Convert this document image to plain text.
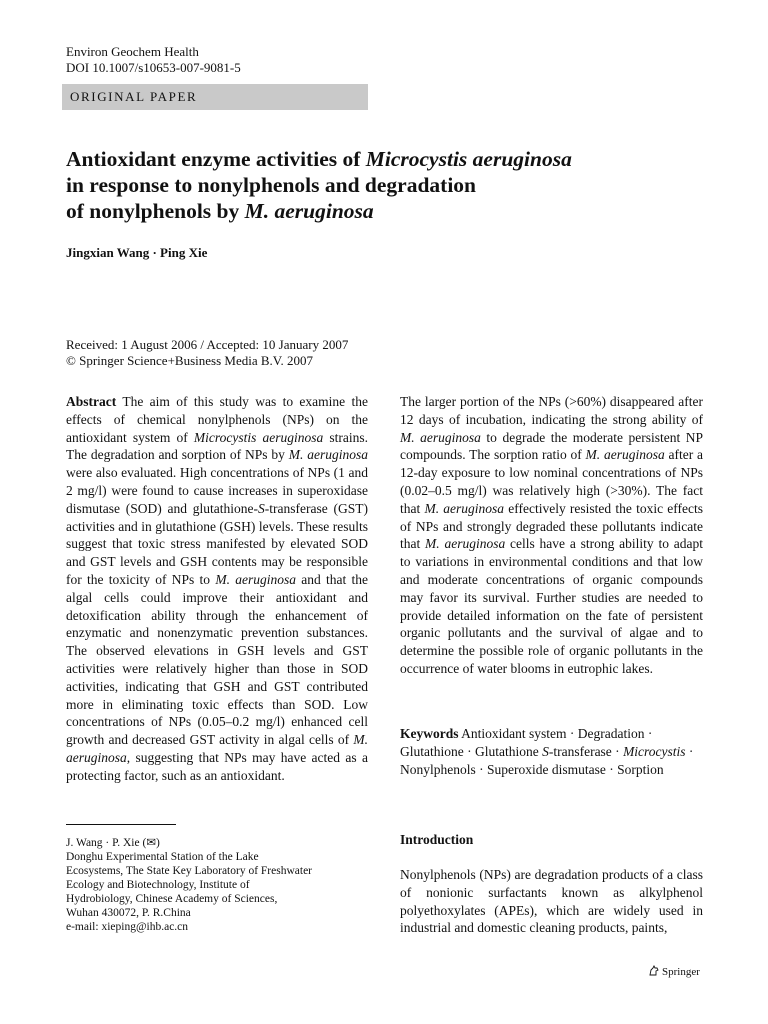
Environ Geochem Health
DOI 10.1007/s10653-007-9081-5
ORIGINAL PAPER
Antioxidant enzyme activities of Microcystis aeruginosa
in response to nonylphenols and degradation
of nonylphenols by M. aeruginosa
Jingxian Wang · Ping Xie
Received: 1 August 2006 / Accepted: 10 January 2007
© Springer Science+Business Media B.V. 2007

Abstract The aim of this study was to examine the effects of chemical nonylphenols (NPs) on the antioxidant system of Microcystis aeruginosa strains. The degradation and sorption of NPs by M. aeruginosa were also evaluated. High concentrations of NPs (1 and 2 mg/l) were found to cause increases in superoxidase dismutase (SOD) and glutathione-S-transferase (GST) activities and in glutathione (GSH) levels. These results suggest that toxic stress manifested by elevated SOD and GST levels and GSH contents may be responsible for the toxicity of NPs to M. aeruginosa and that the algal cells could improve their antioxidant and detoxification ability through the enhancement of enzymatic and nonenzymatic prevention substances. The observed elevations in GSH levels and GST activities were relatively higher than those in SOD activities, indicating that GSH and GST contributed more in eliminating toxic effects than SOD. Low concentrations of NPs (0.05–0.2 mg/l) enhanced cell growth and decreased GST activity in algal cells of M. aeruginosa, suggesting that NPs may have acted as a protecting factor, such as an antioxidant.

The larger portion of the NPs (>60%) disappeared after 12 days of incubation, indicating the strong ability of M. aeruginosa to degrade the moderate persistent NP compounds. The sorption ratio of M. aeruginosa after a 12-day exposure to low nominal concentrations of NPs (0.02–0.5 mg/l) was relatively high (>30%). The fact that M. aeruginosa effectively resisted the toxic effects of NPs and strongly degraded these pollutants indicate that M. aeruginosa cells have a strong ability to adapt to variations in environmental conditions and that low and moderate concentrations of organic compounds may favor its survival. Further studies are needed to provide detailed information on the fate of persistent organic pollutants and the survival of algae and to determine the possible role of organic pollutants in the occurrence of water blooms in eutrophic lakes.

Keywords Antioxidant system · Degradation · Glutathione · Glutathione S-transferase · Microcystis · Nonylphenols · Superoxide dismutase · Sorption

J. Wang · P. Xie (✉)
Donghu Experimental Station of the Lake
Ecosystems, The State Key Laboratory of Freshwater
Ecology and Biotechnology, Institute of
Hydrobiology, Chinese Academy of Sciences,
Wuhan 430072, P. R.China
e-mail: xieping@ihb.ac.cn
Introduction

Nonylphenols (NPs) are degradation products of a class of nonionic surfactants known as alkylphenol polyethoxylates (APEs), which are widely used in industrial and domestic cleaning products, paints,

Springer
